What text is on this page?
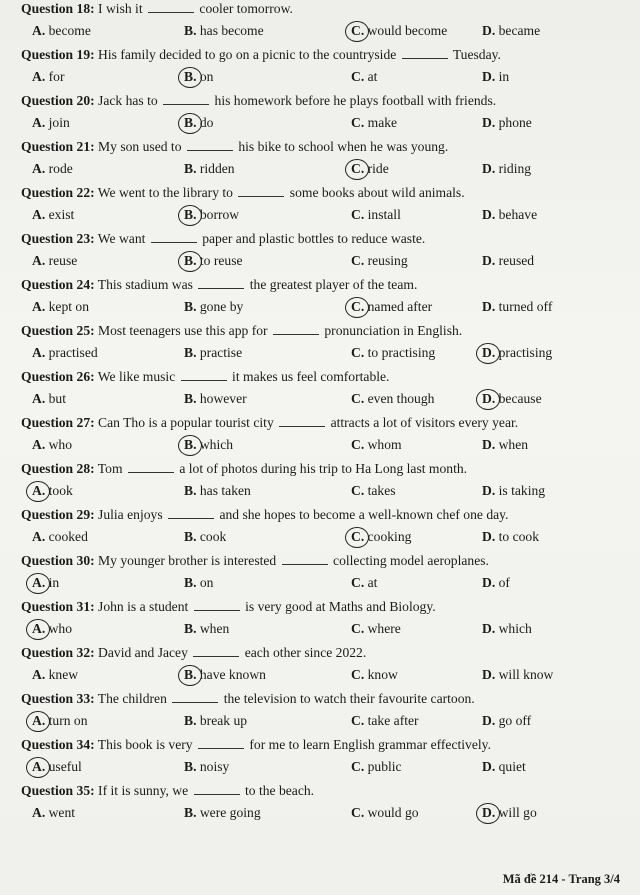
Question 18: I wish it	cooler tomorrow.
A. become	B. has become	C. would become	D. became
Question 19: His family decided to go on a picnic to the countryside	Tuesday.
A. for	B. on	C. at	D. in
Question 20: Jack has to	his homework before he plays football with friends.
A. join	B. do	C. make	D. phone
Question 21: My son used to	his bike to school when he was young.
A. rode	B. ridden	C. ride	D. riding
Question 22: We went to the library to	some books about wild animals.
A. exist	B. borrow	C. install	D. behave
Question 23: We want	paper and plastic bottles to reduce waste.
A. reuse	B. to reuse	C. reusing	D. reused
Question 24: This stadium was	the greatest player of the team.
A. kept on	B. gone by	C. named after	D. turned off
Question 25: Most teenagers use this app for	pronunciation in English.
A. practised	B. practise	C. to practising	D. practising
Question 26: We like music	it makes us feel comfortable.
A. but	B. however	C. even though	D. because
Question 27: Can Tho is a popular tourist city	attracts a lot of visitors every year.
A. who	B. which	C. whom	D. when
Question 28: Tom	a lot of photos during his trip to Ha Long last month.
A. took	B. has taken	C. takes	D. is taking
Question 29: Julia enjoys	and she hopes to become a well-known chef one day.
A. cooked	B. cook	C. cooking	D. to cook
Question 30: My younger brother is interested	collecting model aeroplanes.
A. in	B. on	C. at	D. of
Question 31: John is a student	is very good at Maths and Biology.
A. who	B. when	C. where	D. which
Question 32: David and Jacey	each other since 2022.
A. knew	B. have known	C. know	D. will know
Question 33: The children	the television to watch their favourite cartoon.
A. turn on	B. break up	C. take after	D. go off
Question 34: This book is very	for me to learn English grammar effectively.
A. useful	B. noisy	C. public	D. quiet
Question 35: If it is sunny, we	to the beach.
A. went	B. were going	C. would go	D. will go
Mã đề 214 - Trang 3/4
